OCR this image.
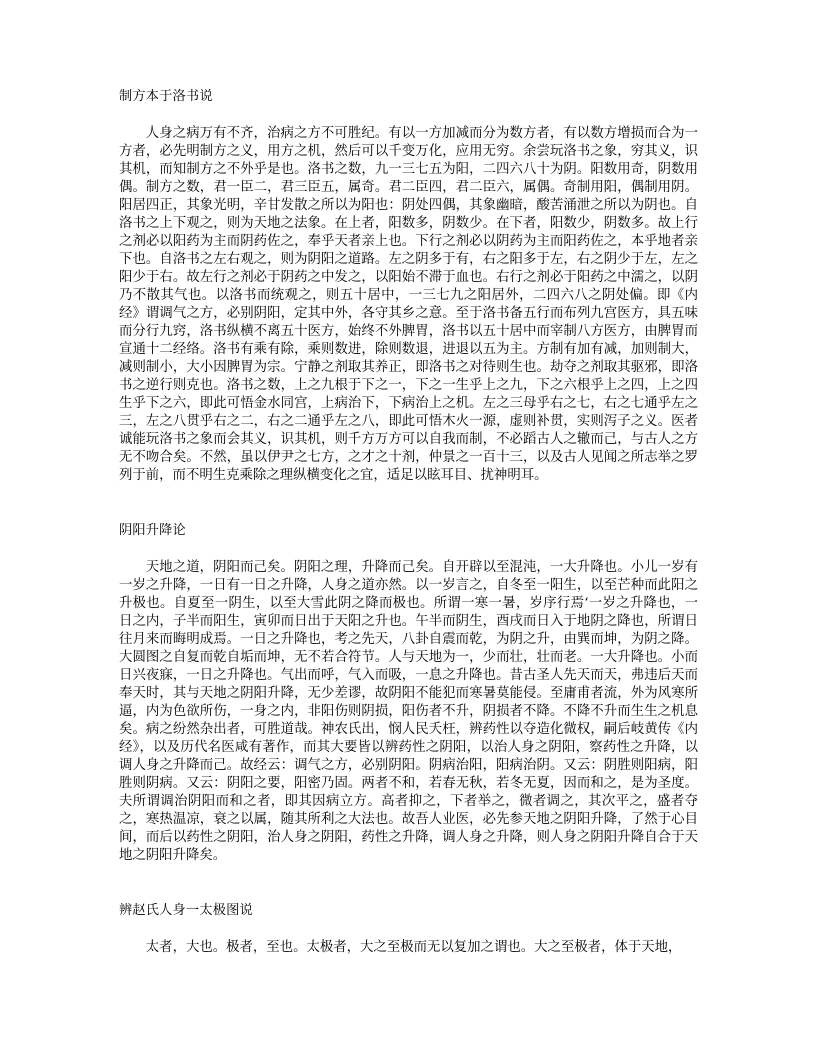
制方本于洛书说

人身之病万有不齐，治病之方不可胜纪。有以一方加减而分为数方者，有以数方增损而合为一方者，必先明制方之义，用方之机，然后可以千变万化，应用无穷。余尝玩洛书之象，穷其义，识其机，而知制方之不外乎是也。洛书之数，九一三七五为阳，二四六八十为阴。阳数用奇，阴数用偶。制方之数，君一臣二，君三臣五，属奇。君二臣四，君二臣六，属偶。奇制用阳，偶制用阴。阳居四正，其象光明，辛甘发散之所以为阳也：阴处四偶，其象幽暗，酸苦涌泄之所以为阴也。自洛书之上下观之，则为天地之法象。在上者，阳数多，阴数少。在下者，阳数少，阴数多。故上行之剂必以阳药为主而阴药佐之，奉乎天者亲上也。下行之剂必以阴药为主而阳药佐之，本乎地者亲下也。自洛书之左右观之，则为阴阳之道路。左之阴多于有，右之阳多于左，右之阴少于左，左之阳少于右。故左行之剂必于阴药之中发之，以阳始不滞于血也。右行之剂必于阳药之中濡之，以阴乃不散其气也。以洛书而统观之，则五十居中，一三七九之阳居外，二四六八之阴处偏。即《内经》谓调气之方，必别阴阳，定其中外，各守其乡之意。至于洛书备五行而布列九宫医方，具五味而分行九窍，洛书纵横不离五十医方，始终不外脾胃，洛书以五十居中而宰制八方医方，由脾胃而宣通十二经络。洛书有乘有除，乘则数进，除则数退，进退以五为主。方制有加有减，加则制大，减则制小，大小因脾胃为宗。宁静之剂取其养正，即洛书之对待则生也。劫夺之剂取其驱邪，即洛书之逆行则克也。洛书之数，上之九根于下之一，下之一生乎上之九，下之六根乎上之四，上之四生乎下之六，即此可悟金水同宫，上病治下，下病治上之机。左之三母乎右之七，右之七通乎左之三，左之八贯乎右之二，右之二通乎左之八，即此可悟木火一源，虚则补贯，实则泻子之义。医者诚能玩洛书之象而会其义，识其机，则千方万方可以自我而制，不必蹈古人之辙而己，与古人之方无不吻合矣。不然，虽以伊尹之七方，之才之十剂，仲景之一百十三，以及古人见闻之所志举之罗列于前，而不明生克乘除之理纵横变化之宜，适足以眩耳目、扰神明耳。

阴阳升降论

天地之道，阴阳而己矣。阴阳之理，升降而己矣。自开辟以至混沌，一大升降也。小儿一岁有一岁之升降，一日有一日之升降，人身之道亦然。以一岁言之，自冬至一阳生，以至芒种而此阳之升极也。自夏至一阴生，以至大雪此阴之降而极也。所谓一寒一暑，岁序行焉‘一岁之升降也，一日之内，子半而阳生，寅卯而日出于天阳之升也。午半而阴生，酉戌而日入于地阴之降也，所谓日往月来而晦明成焉。一日之升降也，考之先天，八卦自震而乾，为阴之升，由巽而坤，为阴之降。大圆图之自复而乾自垢而坤，无不若合符节。人与天地为一，少而壮，壮而老。一大升降也。小而日兴夜寐，一日之升降也。气出而呼，气入而吸，一息之升降也。昔古圣人先天而天，弗违后天而奉天时，其与天地之阴阳升降，无少差谬，故阴阳不能犯而寒暑莫能侵。至庸甫者流，外为风寒所逼，内为色欲所伤，一身之内，非阳伤则阴损，阳伤者不升，阴损者不降。不降不升而生生之机息矣。病之纷然杂出者，可胜道哉。神农氏出，悯人民夭枉，辨药性以夺造化微权，嗣后岐黄传《内经》，以及历代名医咸有著作，而其大要皆以辨药性之阴阳，以治人身之阴阳，察药性之升降，以调人身之升降而己。故经云：调气之方，必别阴阳。阴病治阳，阳病治阴。又云：阴胜则阳病，阳胜则阴病。又云：阴阳之要，阳密乃固。两者不和，若春无秋，若冬无夏，因而和之，是为圣度。夫所谓调治阴阳而和之者，即其因病立方。高者抑之，下者举之，微者调之，其次平之，盛者夺之，寒热温凉，衰之以属，随其所利之大法也。故吾人业医，必先参天地之阴阳升降，了然于心目间，而后以药性之阴阳，治人身之阴阳，药性之升降，调人身之升降，则人身之阴阳升降自合于天地之阴阳升降矣。

辨赵氏人身一太极图说

太者，大也。极者，至也。太极者，大之至极而无以复加之谓也。大之至极者，体于天地，
